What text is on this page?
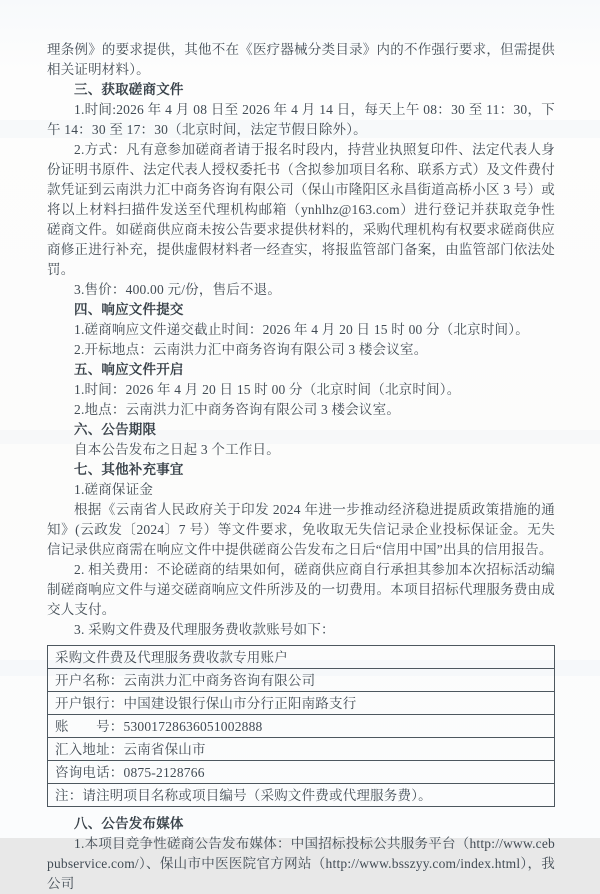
理条例》的要求提供，其他不在《医疗器械分类目录》内的不作强行要求，但需提供相关证明材料）。

三、获取磋商文件

1.时间:2026 年 4 月 08 日至 2026 年 4 月 14 日，每天上午 08：30 至 11：30，下午 14：30 至 17：30（北京时间，法定节假日除外）。

2.方式：凡有意参加磋商者请于报名时段内，持营业执照复印件、法定代表人身份证明书原件、法定代表人授权委托书（含拟参加项目名称、联系方式）及文件费付款凭证到云南洪力汇中商务咨询有限公司（保山市隆阳区永昌街道高桥小区 3 号）或将以上材料扫描件发送至代理机构邮箱（ynhlhz@163.com）进行登记并获取竞争性磋商文件。如磋商供应商未按公告要求提供材料的，采购代理机构有权要求磋商供应商修正进行补充，提供虚假材料者一经查实，将报监管部门备案，由监管部门依法处罚。

3.售价：400.00 元/份，售后不退。

四、响应文件提交

1.磋商响应文件递交截止时间：2026 年 4 月 20 日 15 时 00 分（北京时间）。

2.开标地点：云南洪力汇中商务咨询有限公司 3 楼会议室。

五、响应文件开启

1.时间：2026 年 4 月 20 日 15 时 00 分（北京时间（北京时间）。

2.地点：云南洪力汇中商务咨询有限公司 3 楼会议室。

六、公告期限

自本公告发布之日起 3 个工作日。

七、其他补充事宜

1.磋商保证金

根据《云南省人民政府关于印发 2024 年进一步推动经济稳进提质政策措施的通知》(云政发〔2024〕7 号）等文件要求，免收取无失信记录企业投标保证金。无失信记录供应商需在响应文件中提供磋商公告发布之日后“信用中国”出具的信用报告。

2. 相关费用：不论磋商的结果如何，磋商供应商自行承担其参加本次招标活动编制磋商响应文件与递交磋商响应文件所涉及的一切费用。本项目招标代理服务费由成交人支付。

3. 采购文件费及代理服务费收款账号如下：

采购文件费及代理服务费收款专用账户
开户名称：云南洪力汇中商务咨询有限公司
开户银行：中国建设银行保山市分行正阳南路支行
账　　号：53001728636051002888
汇入地址：云南省保山市
咨询电话：0875-2128766
注：请注明项目名称或项目编号（采购文件费或代理服务费）。

八、公告发布媒体

1.本项目竞争性磋商公告发布媒体：中国招标投标公共服务平台（http://www.cebpubservice.com/）、保山市中医医院官方网站（http://www.bsszyy.com/index.html），我公司
